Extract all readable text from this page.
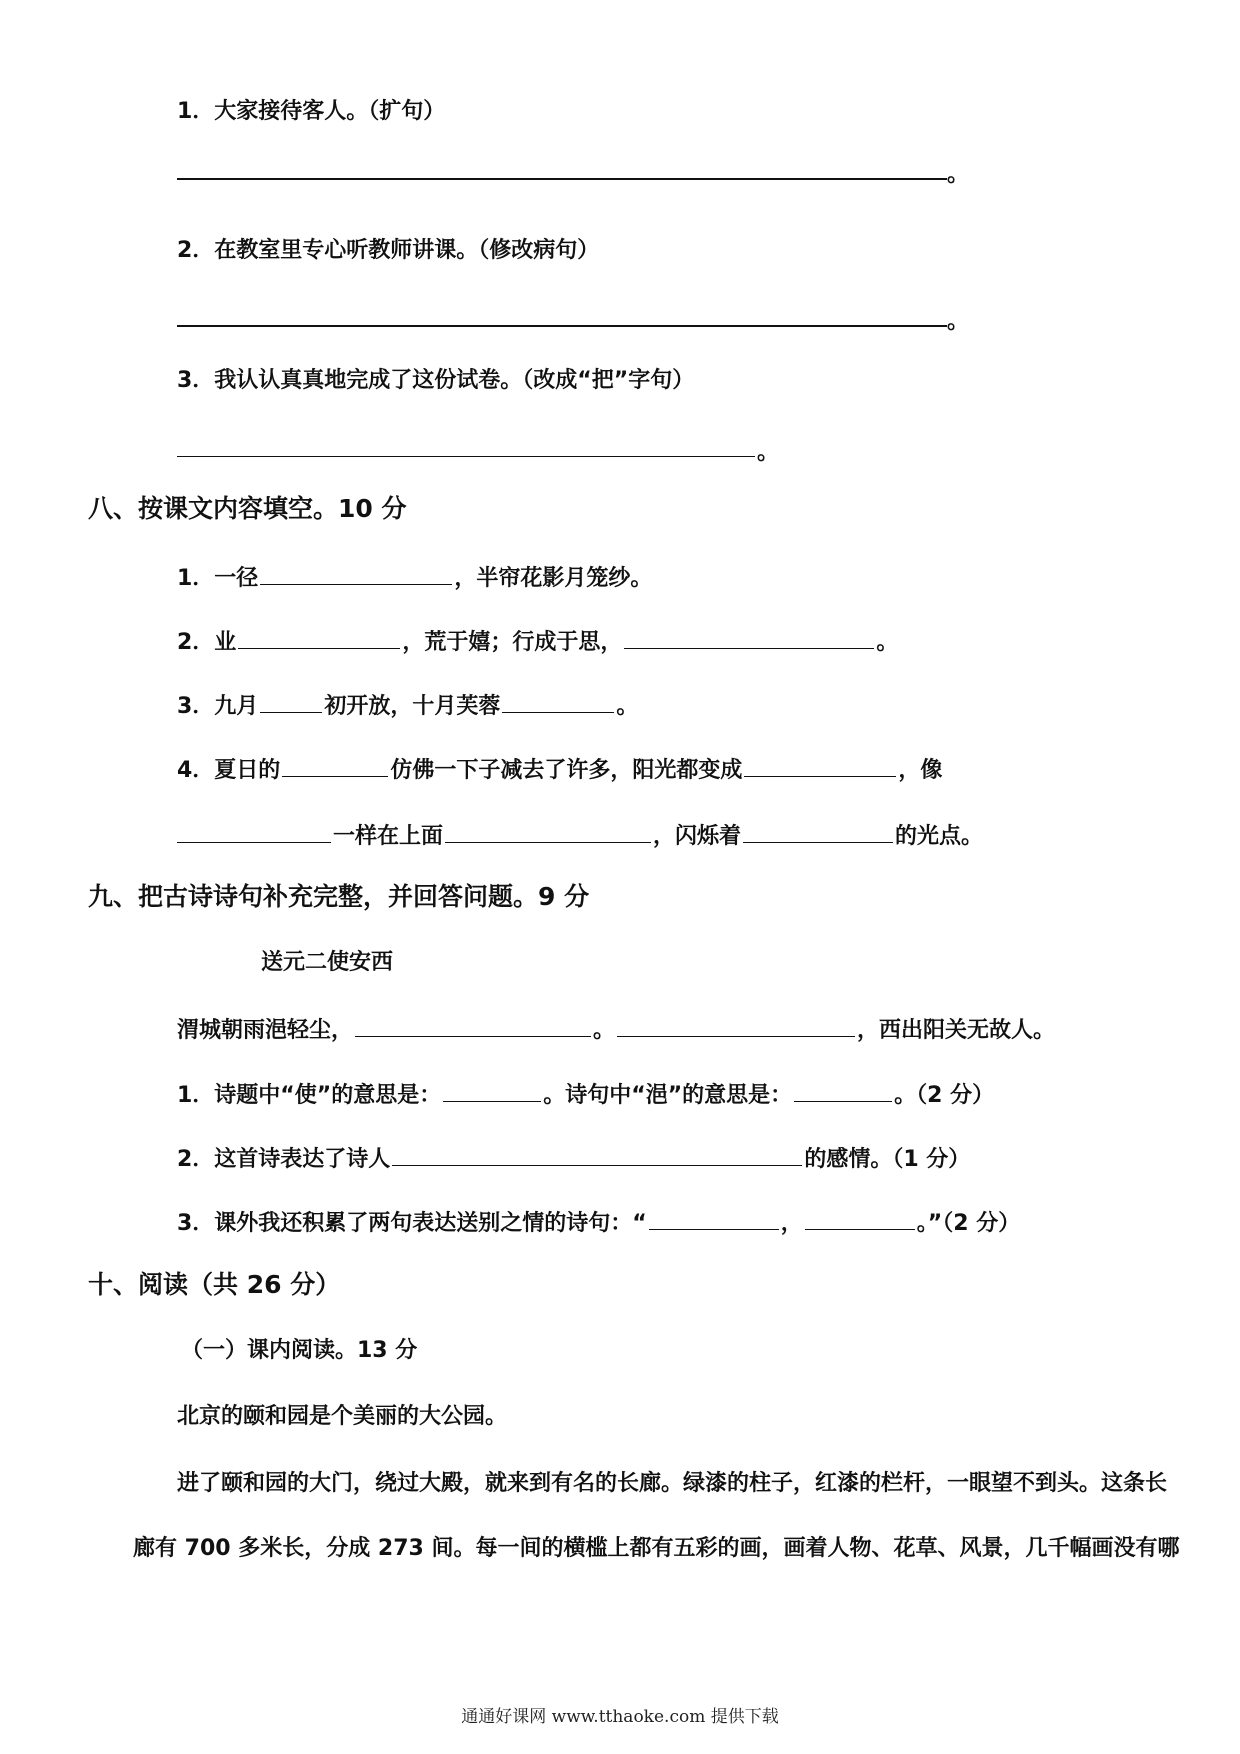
1．大家接待客人。（扩句）
。
2．在教室里专心听教师讲课。（修改病句）
。
3．我认认真真地完成了这份试卷。（改成“把”字句）
。
八、按课文内容填空。10 分
1．一径	，半帘花影月笼纱。
2．业	，荒于嬉；行成于思，	。
3．九月	初开放，十月芙蓉	。
4．夏日的	仿佛一下子减去了许多，阳光都变成	，像
一样在上面	，闪烁着	的光点。
九、把古诗诗句补充完整，并回答问题。9 分
送元二使安西
渭城朝雨浥轻尘，	。	，西出阳关无故人。
1．诗题中“使”的意思是：	。诗句中“浥”的意思是：	。（2 分）
2．这首诗表达了诗人	的感情。（1 分）
3．课外我还积累了两句表达送别之情的诗句：“	，	。”（2 分）
十、阅读（共 26 分）
（一）课内阅读。13 分
北京的颐和园是个美丽的大公园。
进了颐和园的大门，绕过大殿，就来到有名的长廊。绿漆的柱子，红漆的栏杆，一眼望不到头。这条长
廊有 700 多米长，分成 273 间。每一间的横槛上都有五彩的画，画着人物、花草、风景，几千幅画没有哪
通通好课网 www.tthaoke.com 提供下载
